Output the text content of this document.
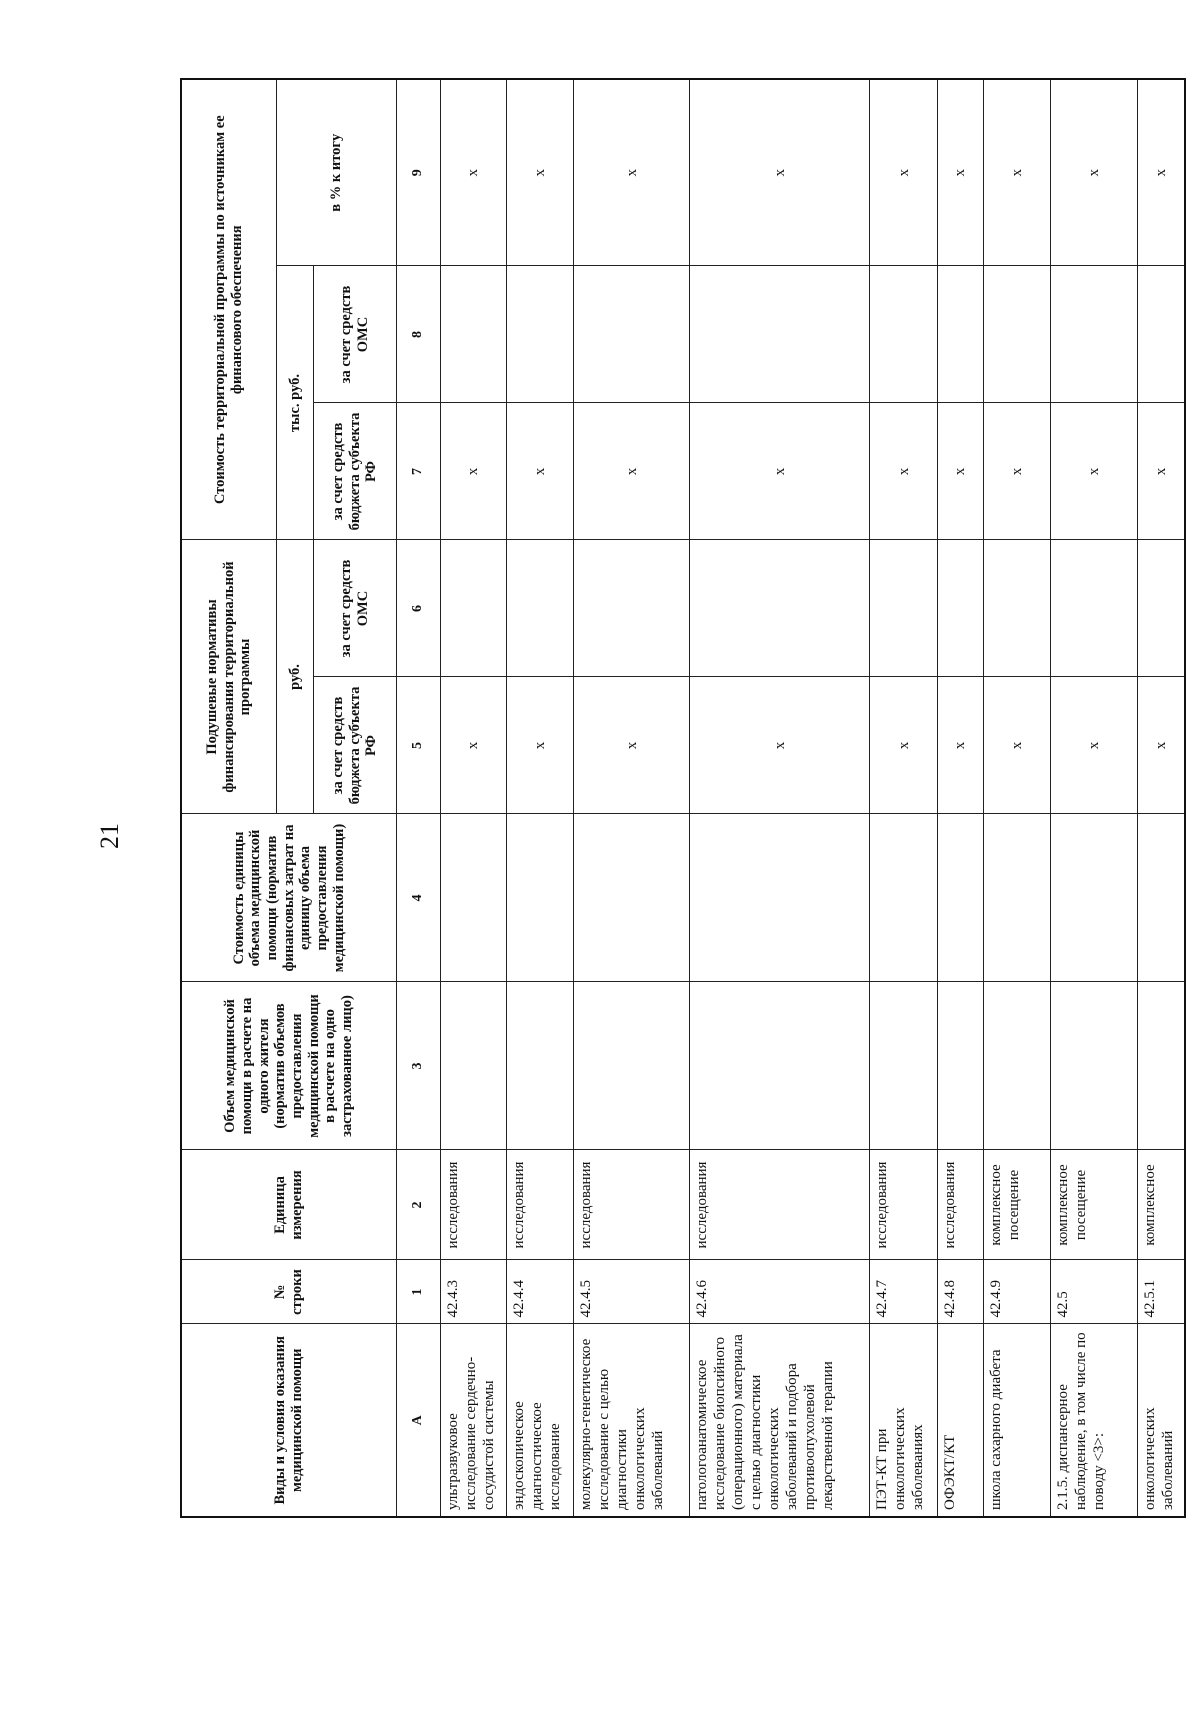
21
Виды и условия оказания медицинской помощи	№ строки	Единица измерения	Объем медицинской помощи в расчете на одного жителя (норматив объемов предоставления медицинской помощи в расчете на одно застрахованное лицо)	Стоимость единицы объема медицинской помощи (норматив финансовых затрат на единицу объема предоставления медицинской помощи)	Подушевые нормативы финансирования территориальной программы		Стоимость территориальной программы по источникам ее финансового обеспечения		
					руб.		тыс. руб.		в % к итогу
					за счет средств бюджета субъекта РФ	за счет средств ОМС	за счет средств бюджета субъекта РФ	за счет средств ОМС	
А	1	2	3	4	5	6	7	8	9
ультразвуковое исследование сердечно-сосудистой системы	42.4.3	исследования			x		x		x
эндоскопическое диагностическое исследование	42.4.4	исследования			x		x		x
молекулярно-генетическое исследование с целью диагностики онкологических заболеваний	42.4.5	исследования			x		x		x
патологоанатомическое исследование биопсийного (операционного) материала с целью диагностики онкологических заболеваний и подбора противоопухолевой лекарственной терапии	42.4.6	исследования			x		x		x
ПЭТ-КТ при онкологических заболеваниях	42.4.7	исследования			x		x		x
ОФЭКТ/КТ	42.4.8	исследования			x		x		x
школа сахарного диабета	42.4.9	комплексное посещение			x		x		x
2.1.5. диспансерное наблюдение, в том числе по поводу <3>:	42.5	комплексное посещение			x		x		x
онкологических заболеваний	42.5.1	комплексное			x		x		x
